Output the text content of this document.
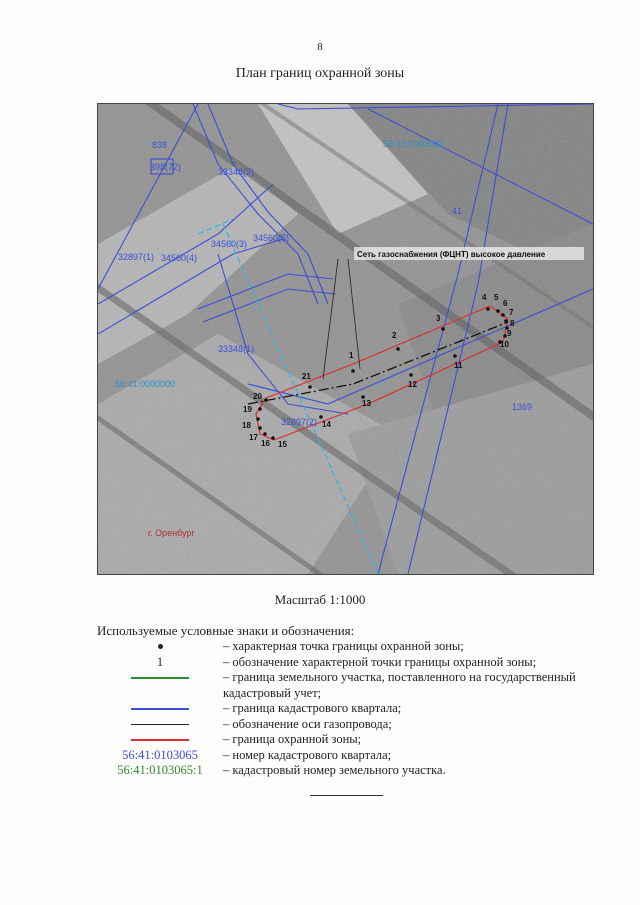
8
План границ охранной зоны
1
2
3
4 5
6
7
8
9
10
11
12
13
14
15
16
17
18
19
20
21
838
398(72)	33348(2)
34560(3)
34560(5)
32897(1) 34560(4)
33348(1)
32897(2)
1369
41
56:41:0000000
56:41:0000000
г. Оренбург
Сеть газоснабжения (ФЦНТ) высокое давление
Масштаб 1:1000
Используемые условные знаки и обозначения:
– характерная точка границы охранной зоны;
1	– обозначение характерной точки границы охранной зоны;
– граница земельного участка, поставленного на государственный кадастровый учет;
– граница кадастрового квартала;
– обозначение оси газопровода;
– граница охранной зоны;
56:41:0103065 – номер кадастрового квартала;
56:41:0103065:1 – кадастровый номер земельного участка.
